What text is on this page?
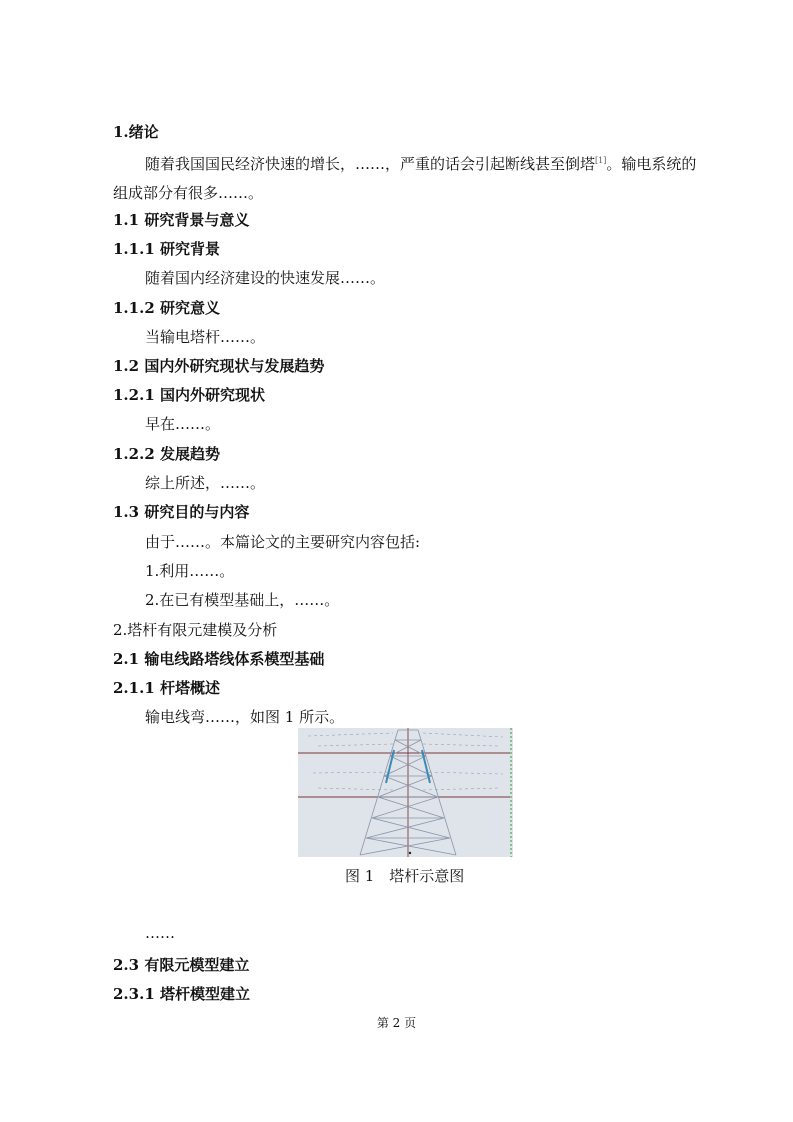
1.绪论
随着我国国民经济快速的增长，……，严重的话会引起断线甚至倒塔[1]。输电系统的组成部分有很多……。
1.1 研究背景与意义
1.1.1 研究背景
随着国内经济建设的快速发展……。
1.1.2 研究意义
当输电塔杆……。
1.2 国内外研究现状与发展趋势
1.2.1 国内外研究现状
早在……。
1.2.2 发展趋势
综上所述，……。
1.3 研究目的与内容
由于……。本篇论文的主要研究内容包括:
1.利用……。
2.在已有模型基础上，……。
2.塔杆有限元建模及分析
2.1 输电线路塔线体系模型基础
2.1.1 杆塔概述
输电线弯……，如图 1 所示。
图 1　塔杆示意图
……
2.3 有限元模型建立
2.3.1 塔杆模型建立
第 2 页
